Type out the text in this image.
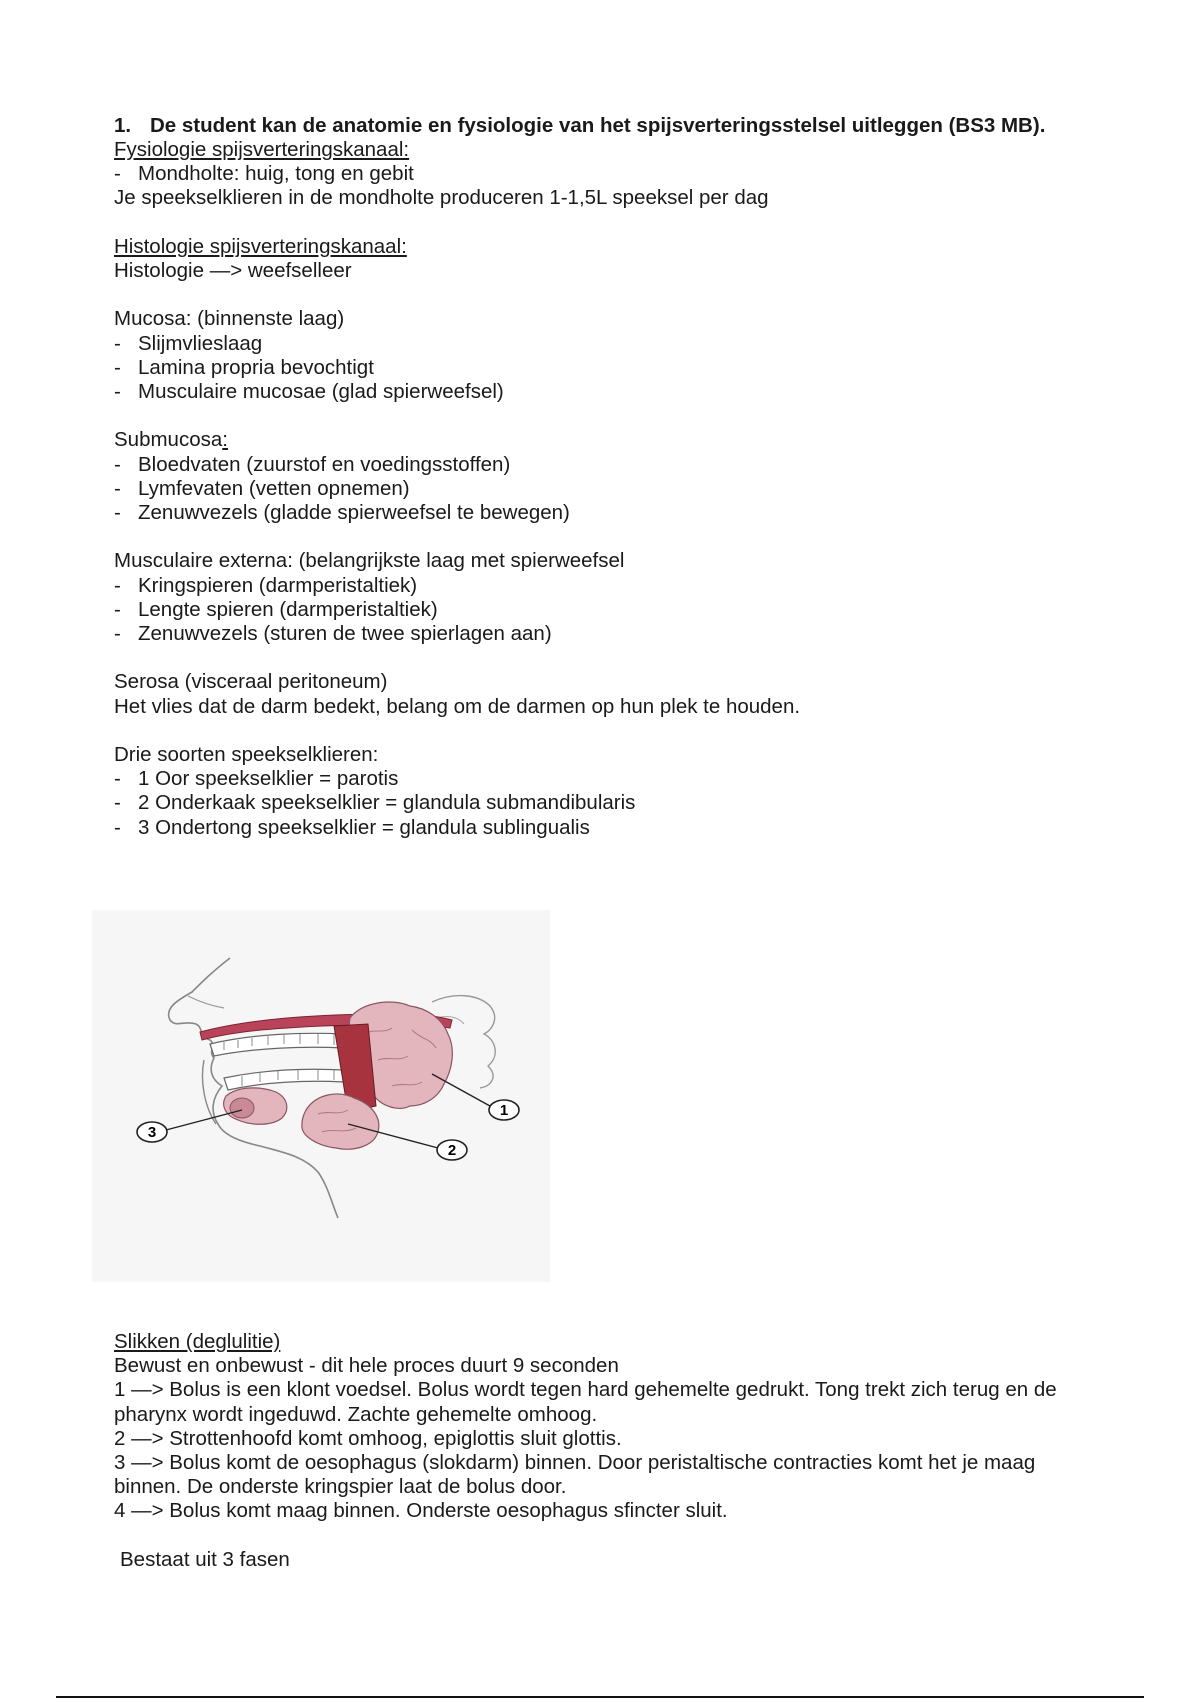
1. De student kan de anatomie en fysiologie van het spijsverteringsstelsel uitleggen (BS3 MB).
Fysiologie spijsverteringskanaal:
- Mondholte: huig, tong en gebit
Je speekselklieren in de mondholte produceren 1-1,5L speeksel per dag
Histologie spijsverteringskanaal:
Histologie —> weefselleer
Mucosa: (binnenste laag)
- Slijmvlieslaag
- Lamina propria bevochtigt
- Musculaire mucosae (glad spierweefsel)
Submucosa:
- Bloedvaten (zuurstof en voedingsstoffen)
- Lymfevaten (vetten opnemen)
- Zenuwvezels (gladde spierweefsel te bewegen)
Musculaire externa: (belangrijkste laag met spierweefsel
- Kringspieren (darmperistaltiek)
- Lengte spieren (darmperistaltiek)
- Zenuwvezels (sturen de twee spierlagen aan)
Serosa (visceraal peritoneum)
Het vlies dat de darm bedekt, belang om de darmen op hun plek te houden.
Drie soorten speekselklieren:
- 1 Oor speekselklier = parotis
- 2 Onderkaak speekselklier = glandula submandibularis
- 3 Ondertong speekselklier = glandula sublingualis
1
2
3
Slikken (deglulitie)
Bewust en onbewust - dit hele proces duurt 9 seconden
1 —> Bolus is een klont voedsel. Bolus wordt tegen hard gehemelte gedrukt. Tong trekt zich terug en de pharynx wordt ingeduwd. Zachte gehemelte omhoog.
2 —> Strottenhoofd komt omhoog, epiglottis sluit glottis.
3 —> Bolus komt de oesophagus (slokdarm) binnen. Door peristaltische contracties komt het je maag binnen. De onderste kringspier laat de bolus door.
4 —> Bolus komt maag binnen. Onderste oesophagus sfincter sluit.
Bestaat uit 3 fasen
